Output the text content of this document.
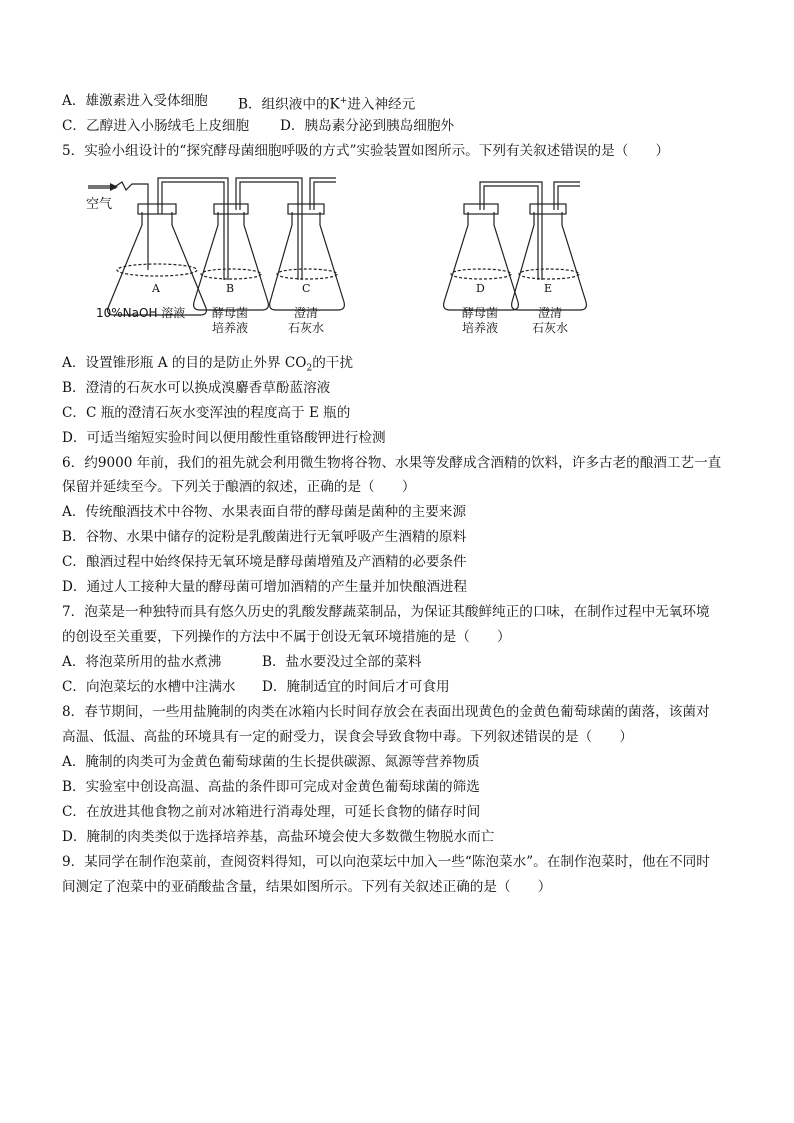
A．雄激素进入受体细胞 B．组织液中的K+进入神经元
C．乙醇进入小肠绒毛上皮细胞 D．胰岛素分泌到胰岛细胞外
5．实验小组设计的“探究酵母菌细胞呼吸的方式”实验装置如图所示。下列有关叙述错误的是（　　）
空气
A	B	C	D	E
10%NaOH 溶液 酵母菌
培养液
澄清
石灰水
酵母菌
培养液
澄清
石灰水
A．设置锥形瓶 A 的目的是防止外界 $CO_2$的干扰
B．澄清的石灰水可以换成溴麝香草酚蓝溶液
C．C 瓶的澄清石灰水变浑浊的程度高于 E 瓶的
D．可适当缩短实验时间以便用酸性重铬酸钾进行检测
6．约9000 年前，我们的祖先就会利用微生物将谷物、水果等发酵成含酒精的饮料，许多古老的酿酒工艺一直
保留并延续至今。下列关于酿酒的叙述，正确的是（　　）
A．传统酿酒技术中谷物、水果表面自带的酵母菌是菌种的主要来源
B．谷物、水果中储存的淀粉是乳酸菌进行无氧呼吸产生酒精的原料
C．酿酒过程中始终保持无氧环境是酵母菌增殖及产酒精的必要条件
D．通过人工接种大量的酵母菌可增加酒精的产生量并加快酿酒进程
7．泡菜是一种独特而具有悠久历史的乳酸发酵蔬菜制品，为保证其酸鲜纯正的口味，在制作过程中无氧环境
的创设至关重要，下列操作的方法中不属于创设无氧环境措施的是（　　）
A．将泡菜所用的盐水煮沸	B．盐水要没过全部的菜料
C．向泡菜坛的水槽中注满水 D．腌制适宜的时间后才可食用
8．春节期间，一些用盐腌制的肉类在冰箱内长时间存放会在表面出现黄色的金黄色葡萄球菌的菌落，该菌对
高温、低温、高盐的环境具有一定的耐受力，误食会导致食物中毒。下列叙述错误的是（　　）
A．腌制的肉类可为金黄色葡萄球菌的生长提供碳源、氮源等营养物质
B．实验室中创设高温、高盐的条件即可完成对金黄色葡萄球菌的筛选
C．在放进其他食物之前对冰箱进行消毒处理，可延长食物的储存时间
D．腌制的肉类类似于选择培养基，高盐环境会使大多数微生物脱水而亡
9．某同学在制作泡菜前，查阅资料得知，可以向泡菜坛中加入一些“陈泡菜水”。在制作泡菜时，他在不同时
间测定了泡菜中的亚硝酸盐含量，结果如图所示。下列有关叙述正确的是（　　）
